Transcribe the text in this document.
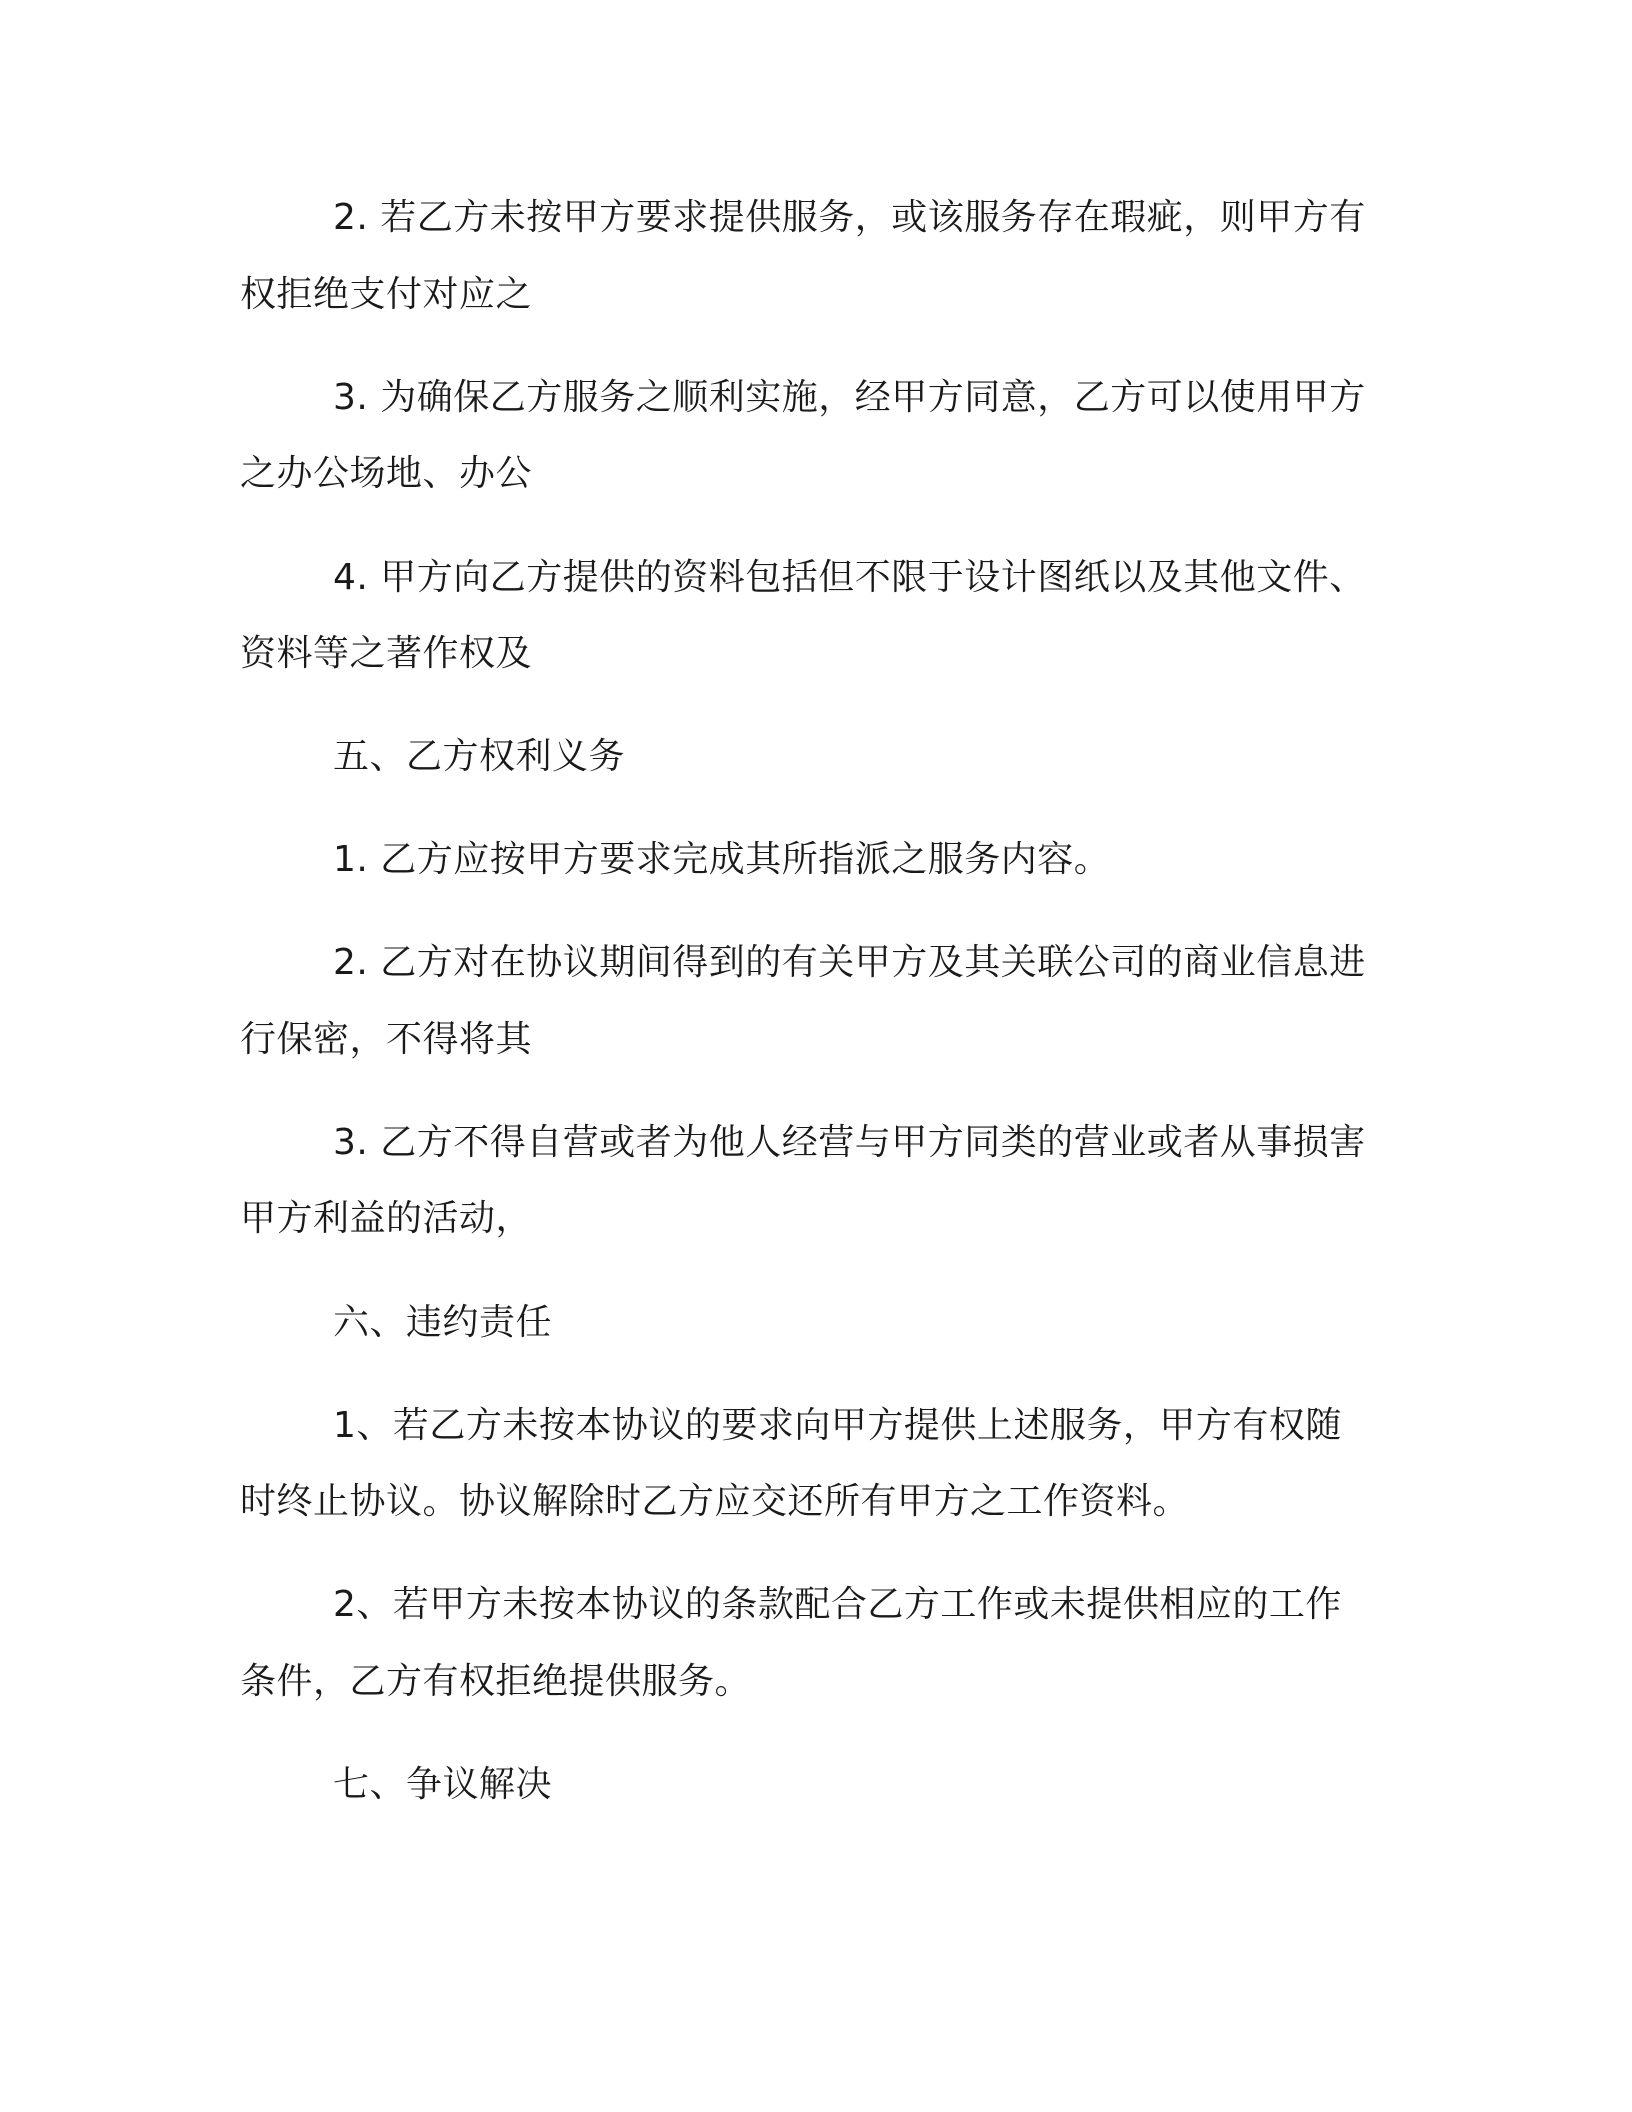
2. 若乙方未按甲方要求提供服务，或该服务存在瑕疵，则甲方有
权拒绝支付对应之
3. 为确保乙方服务之顺利实施，经甲方同意，乙方可以使用甲方
之办公场地、办公
4. 甲方向乙方提供的资料包括但不限于设计图纸以及其他文件、
资料等之著作权及
五、乙方权利义务
1. 乙方应按甲方要求完成其所指派之服务内容。
2. 乙方对在协议期间得到的有关甲方及其关联公司的商业信息进
行保密，不得将其
3. 乙方不得自营或者为他人经营与甲方同类的营业或者从事损害
甲方利益的活动，
六、违约责任
1、若乙方未按本协议的要求向甲方提供上述服务，甲方有权随
时终止协议。协议解除时乙方应交还所有甲方之工作资料。
2、若甲方未按本协议的条款配合乙方工作或未提供相应的工作
条件，乙方有权拒绝提供服务。
七、争议解决
